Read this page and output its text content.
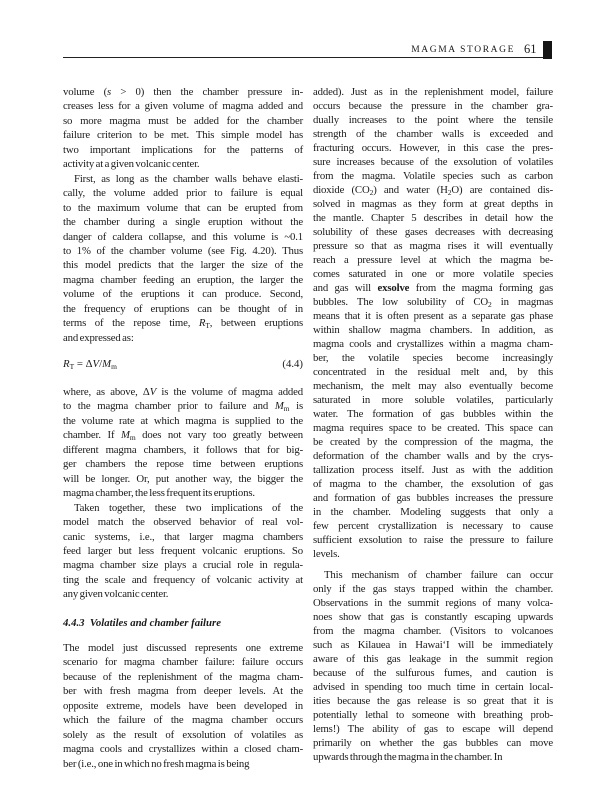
MAGMA STORAGE 61
volume (s > 0) then the chamber pressure in-
creases less for a given volume of magma added and
so more magma must be added for the chamber
failure criterion to be met. This simple model has
two important implications for the patterns of
activity at a given volcanic center.
First, as long as the chamber walls behave elasti-
cally, the volume added prior to failure is equal
to the maximum volume that can be erupted from
the chamber during a single eruption without the
danger of caldera collapse, and this volume is ~0.1
to 1% of the chamber volume (see Fig. 4.20). Thus
this model predicts that the larger the size of the
magma chamber feeding an eruption, the larger the
volume of the eruptions it can produce. Second,
the frequency of eruptions can be thought of in
terms of the repose time, $R_T$, between eruptions
and expressed as:
$R_T = \Delta V/M_m$	(4.4)
where, as above, ΔV is the volume of magma added
to the magma chamber prior to failure and $M_m$ is
the volume rate at which magma is supplied to the
chamber. If $M_m$ does not vary too greatly between
different magma chambers, it follows that for big-
ger chambers the repose time between eruptions
will be longer. Or, put another way, the bigger the
magma chamber, the less frequent its eruptions.
Taken together, these two implications of the
model match the observed behavior of real vol-
canic systems, i.e., that larger magma chambers
feed larger but less frequent volcanic eruptions. So
magma chamber size plays a crucial role in regula-
ting the scale and frequency of volcanic activity at
any given volcanic center.
4.4.3 Volatiles and chamber failure
The model just discussed represents one extreme
scenario for magma chamber failure: failure occurs
because of the replenishment of the magma cham-
ber with fresh magma from deeper levels. At the
opposite extreme, models have been developed in
which the failure of the magma chamber occurs
solely as the result of exsolution of volatiles as
magma cools and crystallizes within a closed cham-
ber (i.e., one in which no fresh magma is being
added). Just as in the replenishment model, failure
occurs because the pressure in the chamber gra-
dually increases to the point where the tensile
strength of the chamber walls is exceeded and
fracturing occurs. However, in this case the pres-
sure increases because of the exsolution of volatiles
from the magma. Volatile species such as carbon
dioxide $(CO_2)$ and water $(H_2O)$ are contained dis-
solved in magmas as they form at great depths in
the mantle. Chapter 5 describes in detail how the
solubility of these gases decreases with decreasing
pressure so that as magma rises it will eventually
reach a pressure level at which the magma be-
comes saturated in one or more volatile species
and gas will exsolve from the magma forming gas
bubbles. The low solubility of $CO_2$ in magmas
means that it is often present as a separate gas phase
within shallow magma chambers. In addition, as
magma cools and crystallizes within a magma cham-
ber, the volatile species become increasingly
concentrated in the residual melt and, by this
mechanism, the melt may also eventually become
saturated in more soluble volatiles, particularly
water. The formation of gas bubbles within the
magma requires space to be created. This space can
be created by the compression of the magma, the
deformation of the chamber walls and by the crys-
tallization process itself. Just as with the addition
of magma to the chamber, the exsolution of gas
and formation of gas bubbles increases the pressure
in the chamber. Modeling suggests that only a
few percent crystallization is necessary to cause
sufficient exsolution to raise the pressure to failure
levels.
This mechanism of chamber failure can occur
only if the gas stays trapped within the chamber.
Observations in the summit regions of many volca-
noes show that gas is constantly escaping upwards
from the magma chamber. (Visitors to volcanoes
such as Kilauea in Hawai‘I will be immediately
aware of this gas leakage in the summit region
because of the sulfurous fumes, and caution is
advised in spending too much time in certain local-
ities because the gas release is so great that it is
potentially lethal to someone with breathing prob-
lems!) The ability of gas to escape will depend
primarily on whether the gas bubbles can move
upwards through the magma in the chamber. In
